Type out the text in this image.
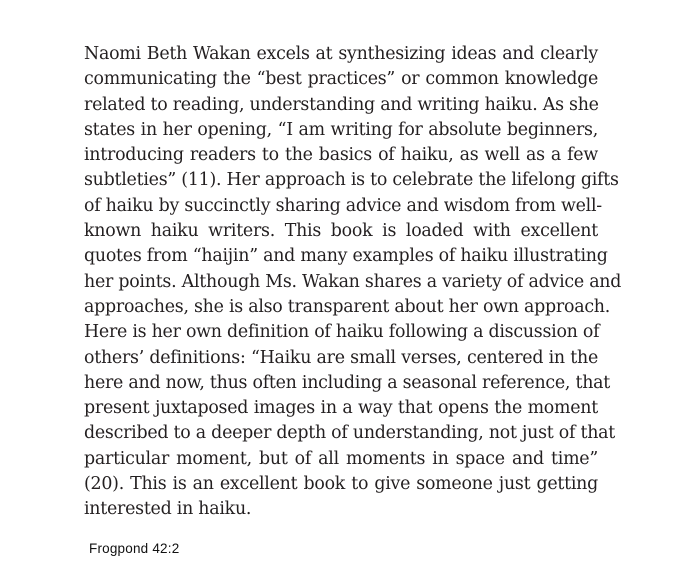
Naomi Beth Wakan excels at synthesizing ideas and clearly
communicating the “best practices” or common knowledge
related to reading, understanding and writing haiku. As she
states in her opening, “I am writing for absolute beginners,
introducing readers to the basics of haiku, as well as a few
subtleties” (11). Her approach is to celebrate the lifelong gifts
of haiku by succinctly sharing advice and wisdom from well-
known haiku writers. This book is loaded with excellent
quotes from “haijin” and many examples of haiku illustrating
her points. Although Ms. Wakan shares a variety of advice and
approaches, she is also transparent about her own approach.
Here is her own definition of haiku following a discussion of
others’ definitions: “Haiku are small verses, centered in the
here and now, thus often including a seasonal reference, that
present juxtaposed images in a way that opens the moment
described to a deeper depth of understanding, not just of that
particular moment, but of all moments in space and time”
(20). This is an excellent book to give someone just getting
interested in haiku.

Frogpond 42:2
